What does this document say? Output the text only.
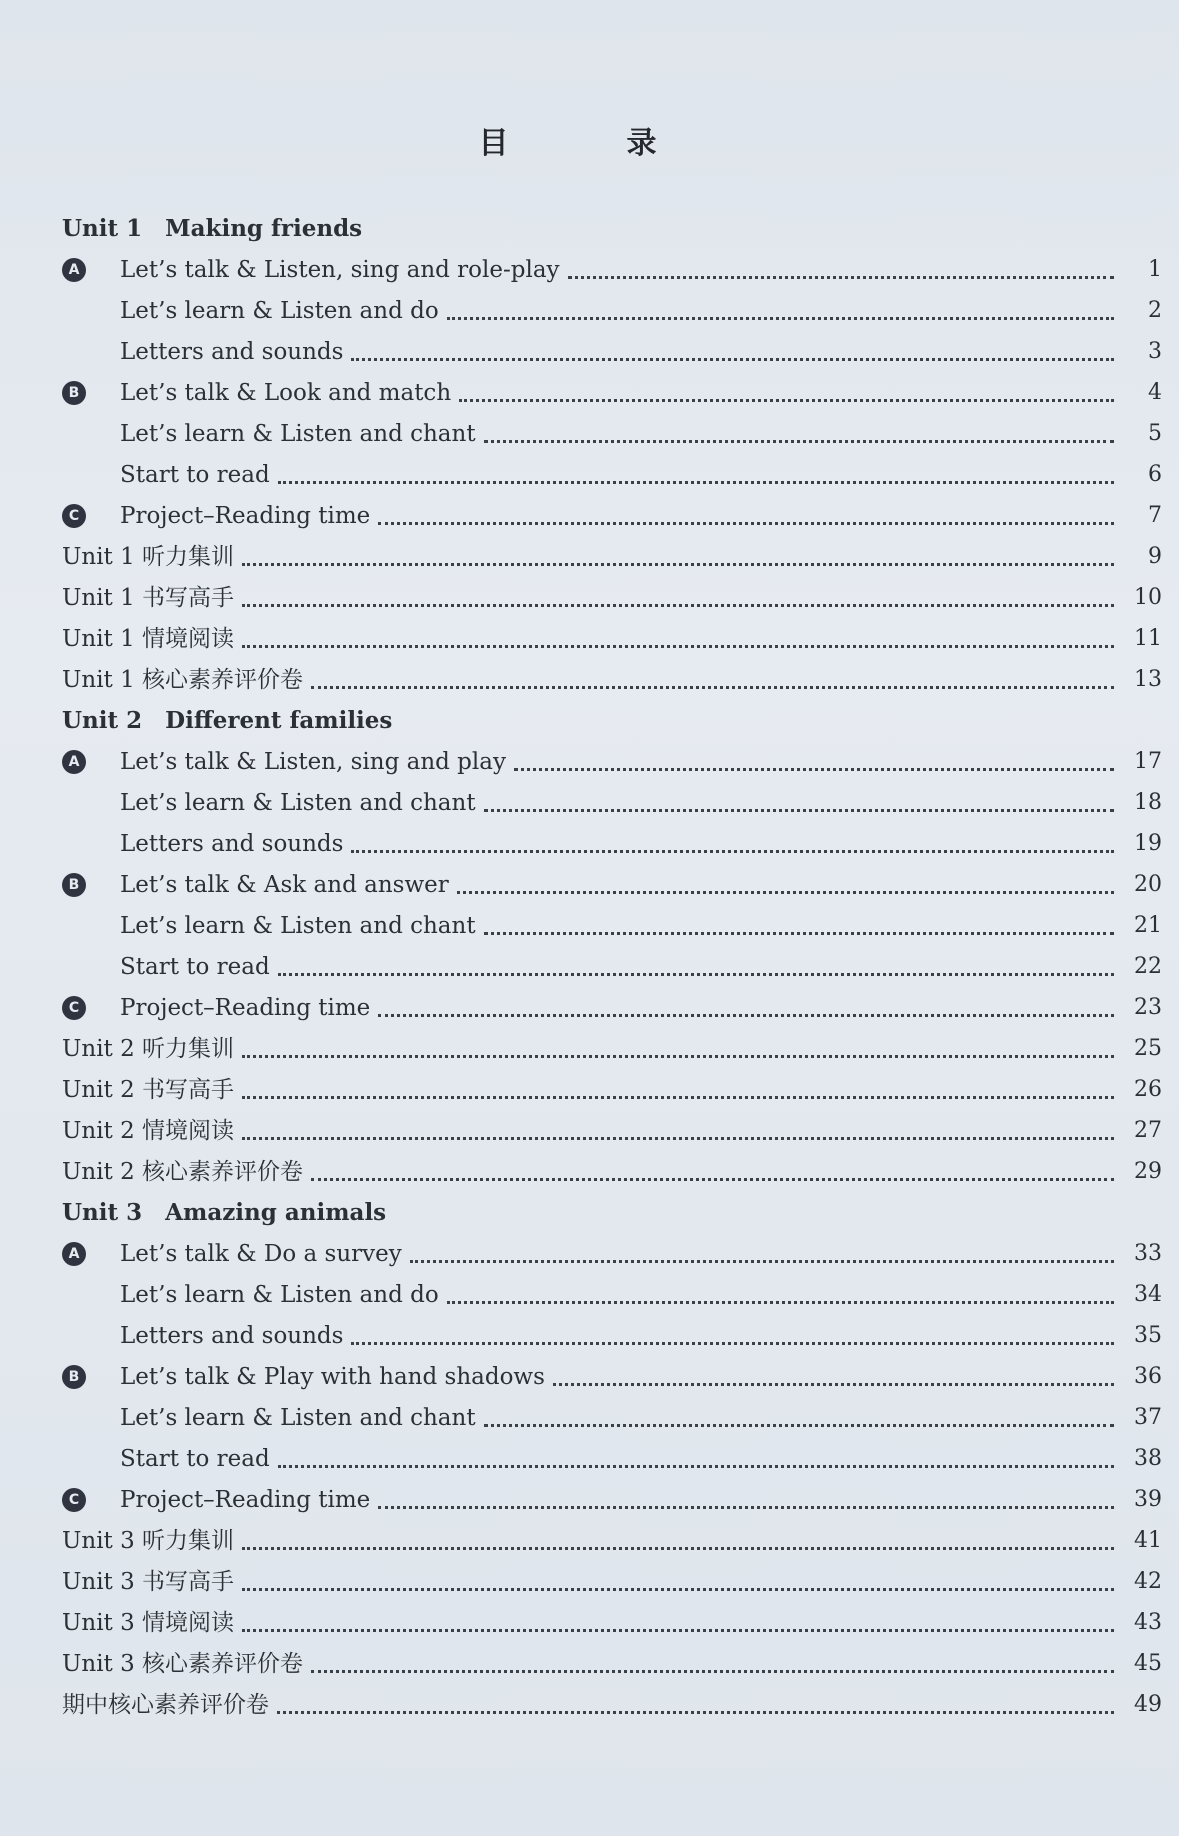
目　录
Unit 1　Making friends
A Let’s talk & Listen, sing and role-play	1
Let’s learn & Listen and do	2
Letters and sounds	3
B Let’s talk & Look and match	4
Let’s learn & Listen and chant	5
Start to read	6
C Project–Reading time	7
Unit 1 听力集训	9
Unit 1 书写高手	10
Unit 1 情境阅读	11
Unit 1 核心素养评价卷	13
Unit 2　Different families
A Let’s talk & Listen, sing and play	17
Let’s learn & Listen and chant	18
Letters and sounds	19
B Let’s talk & Ask and answer	20
Let’s learn & Listen and chant	21
Start to read	22
C Project–Reading time	23
Unit 2 听力集训	25
Unit 2 书写高手	26
Unit 2 情境阅读	27
Unit 2 核心素养评价卷	29
Unit 3　Amazing animals
A Let’s talk & Do a survey	33
Let’s learn & Listen and do	34
Letters and sounds	35
B Let’s talk & Play with hand shadows	36
Let’s learn & Listen and chant	37
Start to read	38
C Project–Reading time	39
Unit 3 听力集训	41
Unit 3 书写高手	42
Unit 3 情境阅读	43
Unit 3 核心素养评价卷	45
期中核心素养评价卷	49
